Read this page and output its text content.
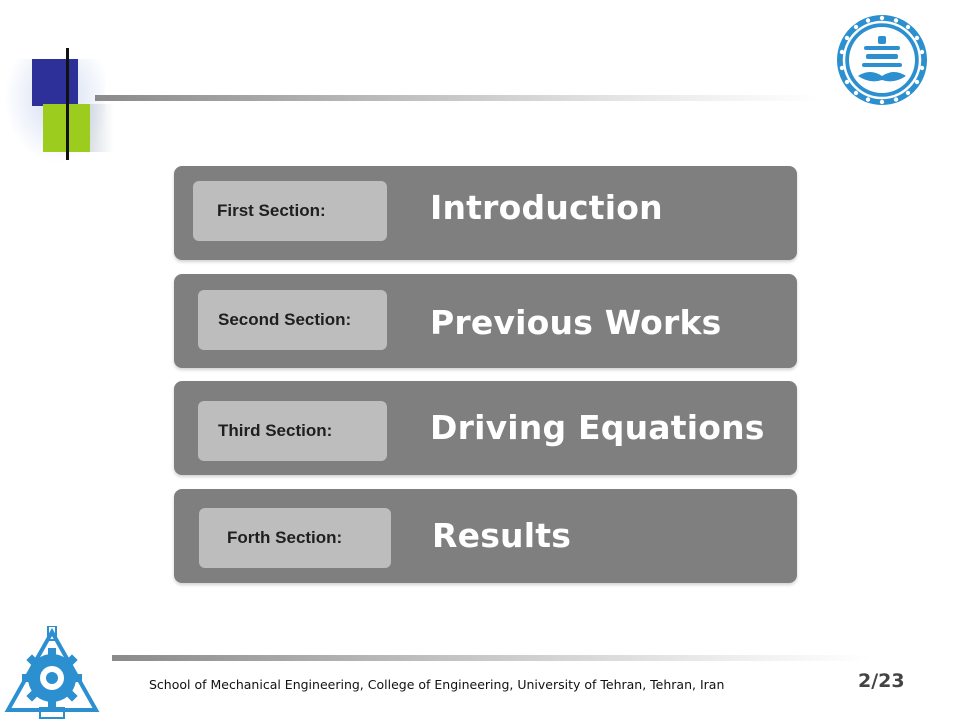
First Section:	Introduction
Second Section:	Previous Works
Third Section:	Driving Equations
Forth Section:	Results
School of Mechanical Engineering, College of Engineering, University of Tehran, Tehran, Iran	2/23
